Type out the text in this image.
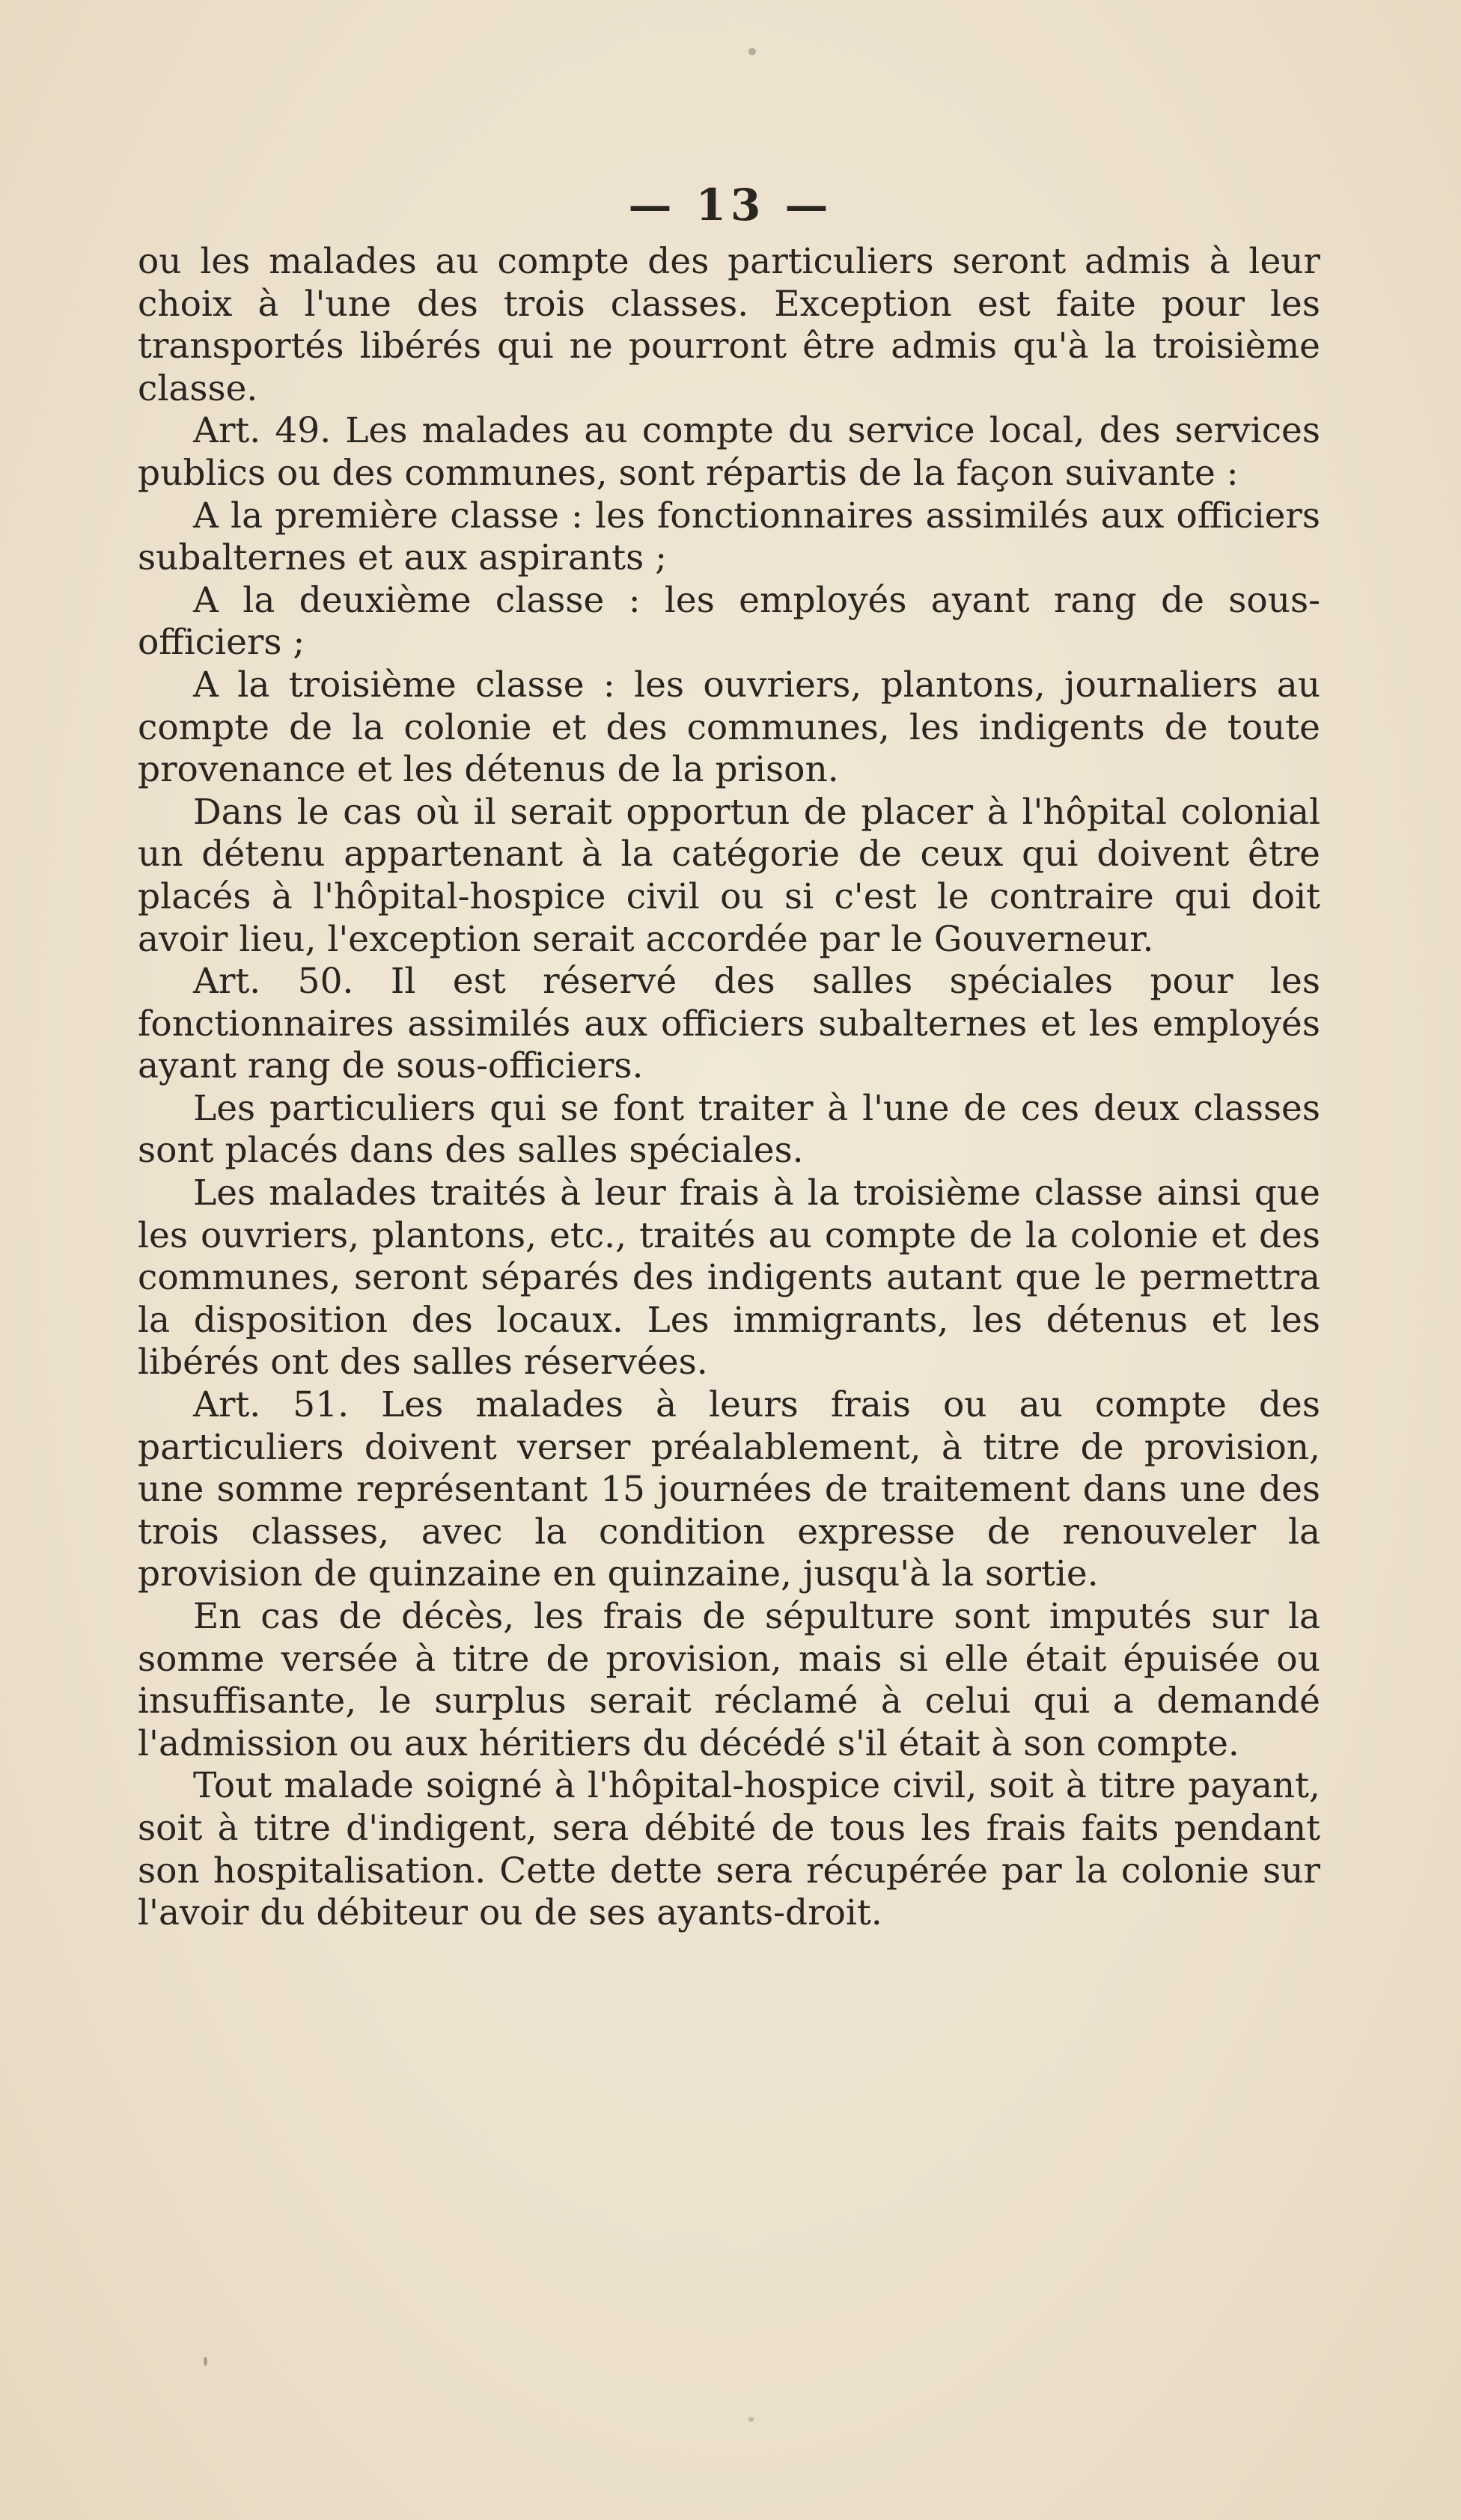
— 13 —

ou les malades au compte des particuliers seront admis à leur choix à l'une des trois classes. Exception est faite pour les transportés libérés qui ne pourront être admis qu'à la troisième classe.

Art. 49. Les malades au compte du service local, des services publics ou des communes, sont répartis de la façon suivante :

A la première classe : les fonctionnaires assimilés aux officiers subalternes et aux aspirants ;

A la deuxième classe : les employés ayant rang de sous-officiers ;

A la troisième classe : les ouvriers, plantons, journaliers au compte de la colonie et des communes, les indigents de toute provenance et les détenus de la prison.

Dans le cas où il serait opportun de placer à l'hôpital colonial un détenu appartenant à la catégorie de ceux qui doivent être placés à l'hôpital-hospice civil ou si c'est le contraire qui doit avoir lieu, l'exception serait accordée par le Gouverneur.

Art. 50. Il est réservé des salles spéciales pour les fonctionnaires assimilés aux officiers subalternes et les employés ayant rang de sous-officiers.

Les particuliers qui se font traiter à l'une de ces deux classes sont placés dans des salles spéciales.

Les malades traités à leur frais à la troisième classe ainsi que les ouvriers, plantons, etc., traités au compte de la colonie et des communes, seront séparés des indigents autant que le permettra la disposition des locaux. Les immigrants, les détenus et les libérés ont des salles réservées.

Art. 51. Les malades à leurs frais ou au compte des particuliers doivent verser préalablement, à titre de provision, une somme représentant 15 journées de traitement dans une des trois classes, avec la condition expresse de renouveler la provision de quinzaine en quinzaine, jusqu'à la sortie.

En cas de décès, les frais de sépulture sont imputés sur la somme versée à titre de provision, mais si elle était épuisée ou insuffisante, le surplus serait réclamé à celui qui a demandé l'admission ou aux héritiers du décédé s'il était à son compte.

Tout malade soigné à l'hôpital-hospice civil, soit à titre payant, soit à titre d'indigent, sera débité de tous les frais faits pendant son hospitalisation. Cette dette sera récupérée par la colonie sur l'avoir du débiteur ou de ses ayants-droit.
